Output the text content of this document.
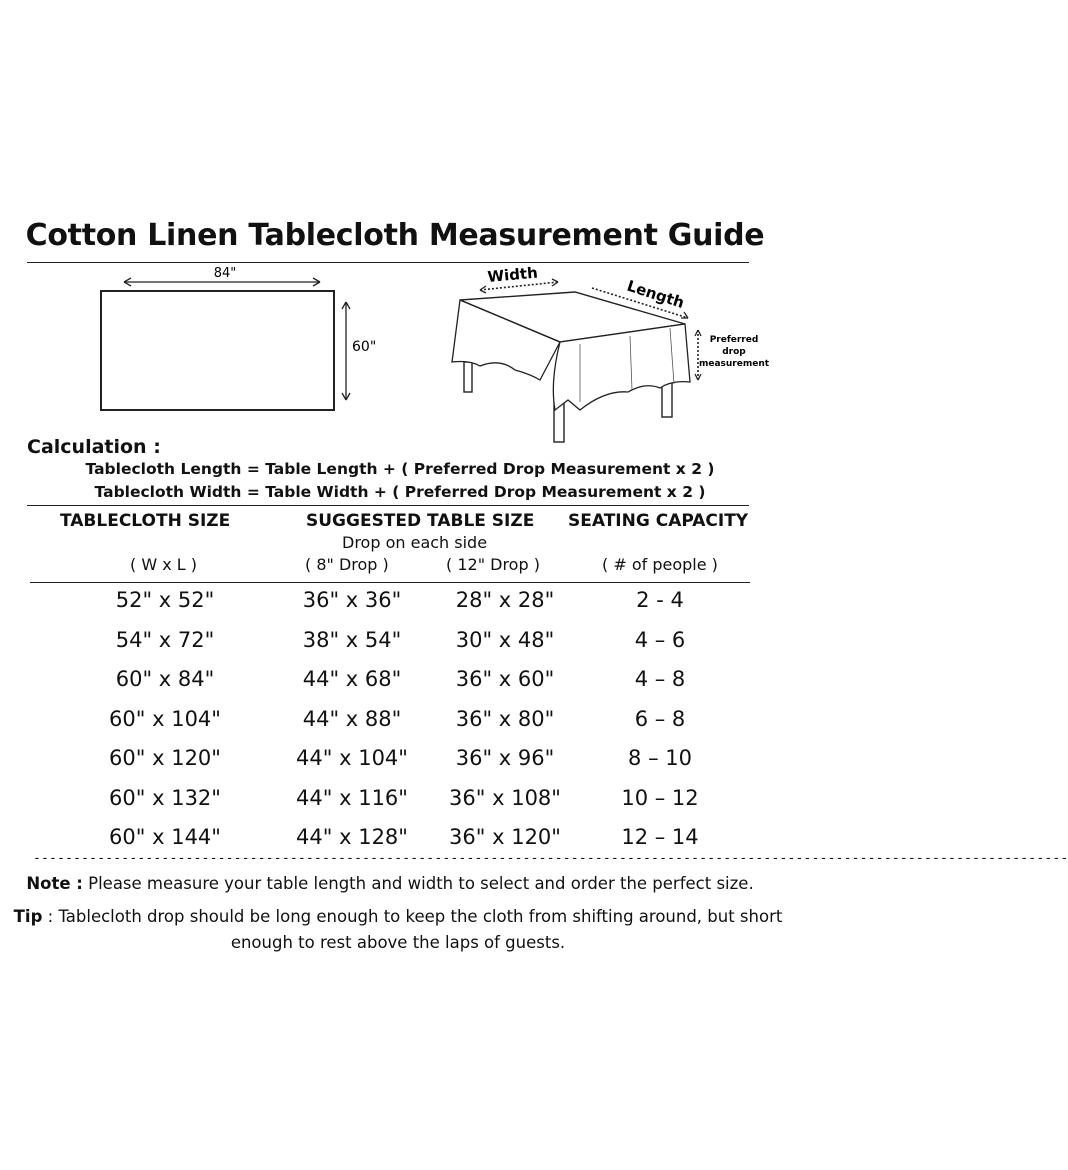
Cotton Linen Tablecloth Measurement Guide
84"
60"
Width
Length
Preferred
drop
measurement
Calculation :
Tablecloth Length = Table Length + ( Preferred Drop Measurement x 2 )
Tablecloth Width = Table Width + ( Preferred Drop Measurement x 2 )
TABLECLOTH SIZE	SUGGESTED TABLE SIZE SEATING CAPACITY
Drop on each side
( W x L )	( 8" Drop )	( 12" Drop )	( # of people )
52" x 52"	36" x 36"	28" x 28"	2 - 4
54" x 72"	38" x 54"	30" x 48"	4 – 6
60" x 84"	44" x 68"	36" x 60"	4 – 8
60" x 104"	44" x 88"	36" x 80"	6 – 8
60" x 120"	44" x 104"	36" x 96"	8 – 10
60" x 132"	44" x 116"	36" x 108"	10 – 12
60" x 144"	44" x 128"	36" x 120"	12 – 14
---------------------------------------------------------------------------------------------------------------------------------
Note : Please measure your table length and width to select and order the perfect size.
Tip : Tablecloth drop should be long enough to keep the cloth from shifting around, but short enough to rest above the laps of guests.
